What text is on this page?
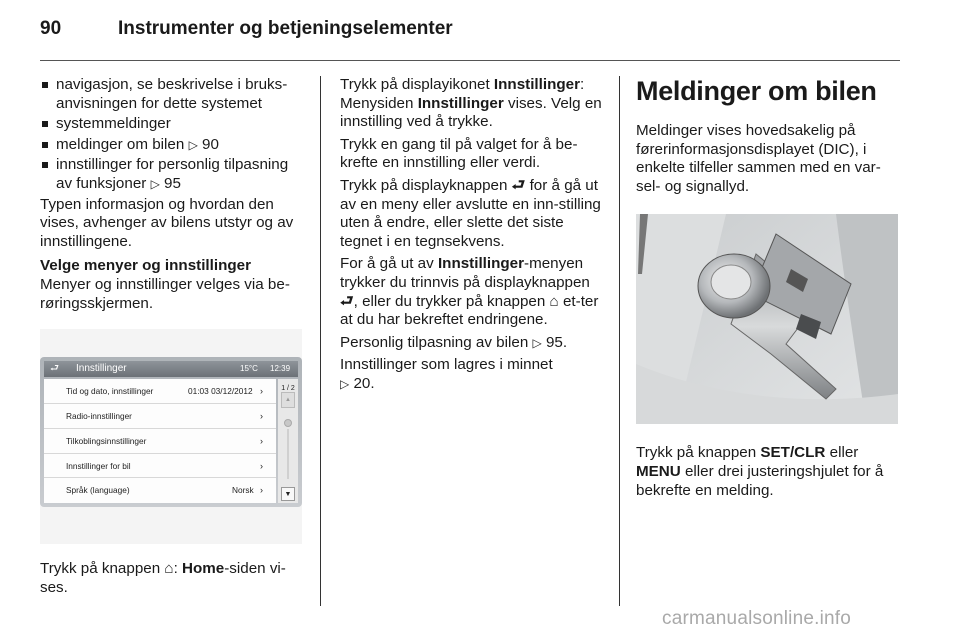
90	Instrumenter og betjeningselementer
navigasjon, se beskrivelse i bruks-anvisningen for dette systemet
systemmeldinger
meldinger om bilen ▷ 90
innstillinger for personlig tilpasning av funksjoner ▷ 95

Typen informasjon og hvordan den vises, avhenger av bilens utstyr og av innstillingene.

Velge menyer og innstillinger

Menyer og innstillinger velges via be-røringsskjermen.

⮐ Innstillinger	15°C 12:39
Tid og dato, innstillinger	01:03 03/12/2012 ›
Radio-innstillinger	›
Tilkoblingsinnstillinger	›
Innstillinger for bil	›
Språk (language)	Norsk ›
1 / 2
▲
▼

Trykk på knappen ⌂: Home-siden vi-ses.

Trykk på displayikonet Innstillinger: Menysiden Innstillinger vises. Velg en innstilling ved å trykke.

Trykk en gang til på valget for å be-krefte en innstilling eller verdi.

Trykk på displayknappen ⮐ for å gå ut av en meny eller avslutte en inn-stilling uten å endre, eller slette det siste tegnet i en tegnsekvens.

For å gå ut av Innstillinger-menyen trykker du trinnvis på displayknappen ⮐, eller du trykker på knappen ⌂ et-ter at du har bekreftet endringene.

Personlig tilpasning av bilen ▷ 95.

Innstillinger som lagres i minnet
▷ 20.

Meldinger om bilen

Meldinger vises hovedsakelig på førerinformasjonsdisplayet (DIC), i enkelte tilfeller sammen med en var-sel- og signallyd.

Trykk på knappen SET/CLR eller MENU eller drei justeringshjulet for å bekrefte en melding.

carmanualsonline.info
